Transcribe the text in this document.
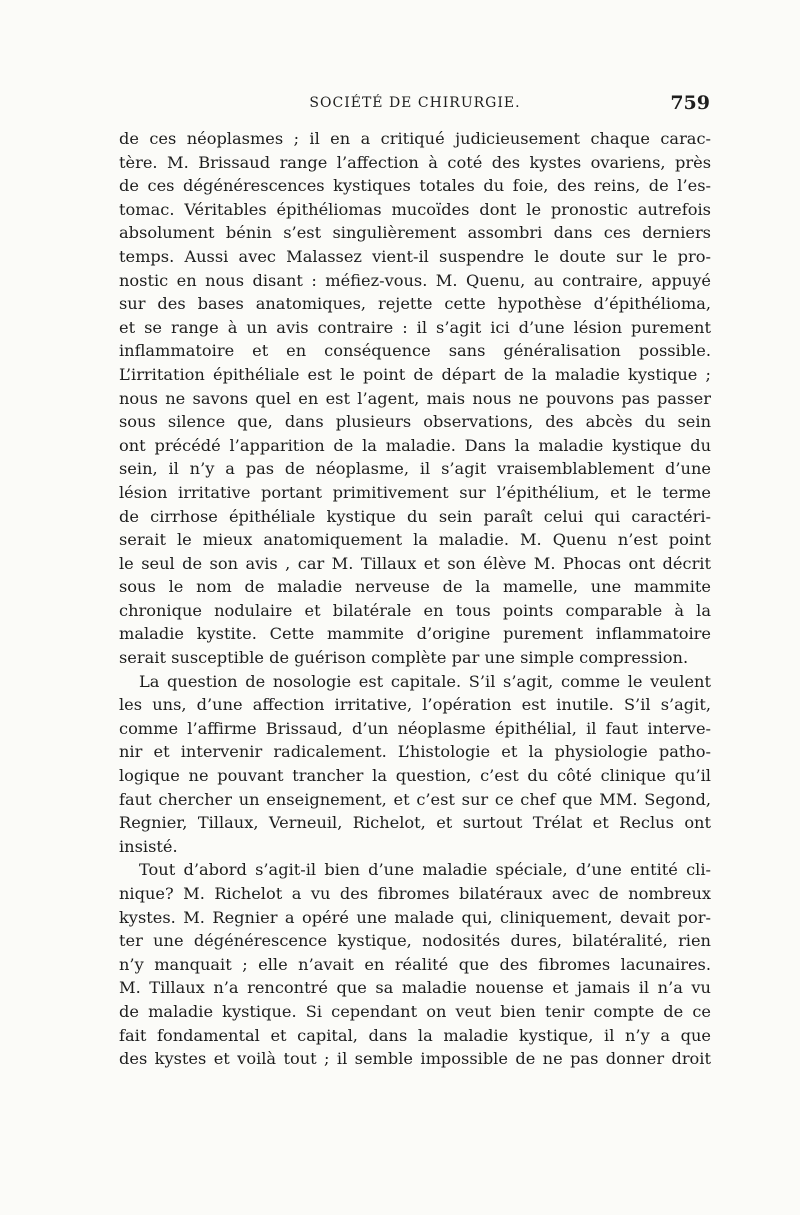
SOCIÉTÉ DE CHIRURGIE.	759
de ces néoplasmes ; il en a critiqué judicieusement chaque carac-
tère. M. Brissaud range l’affection à coté des kystes ovariens, près
de ces dégénérescences kystiques totales du foie, des reins, de l’es-
tomac. Véritables épithéliomas mucoïdes dont le pronostic autrefois
absolument bénin s’est singulièrement assombri dans ces derniers
temps. Aussi avec Malassez vient-il suspendre le doute sur le pro-
nostic en nous disant : méfiez-vous. M. Quenu, au contraire, appuyé
sur des bases anatomiques, rejette cette hypothèse d’épithélioma,
et se range à un avis contraire : il s’agit ici d’une lésion purement
inflammatoire et en conséquence sans généralisation possible.
L’irritation épithéliale est le point de départ de la maladie kystique ;
nous ne savons quel en est l’agent, mais nous ne pouvons pas passer
sous silence que, dans plusieurs observations, des abcès du sein
ont précédé l’apparition de la maladie. Dans la maladie kystique du
sein, il n’y a pas de néoplasme, il s’agit vraisemblablement d’une
lésion irritative portant primitivement sur l’épithélium, et le terme
de cirrhose épithéliale kystique du sein paraît celui qui caractéri-
serait le mieux anatomiquement la maladie. M. Quenu n’est point
le seul de son avis , car M. Tillaux et son élève M. Phocas ont décrit
sous le nom de maladie nerveuse de la mamelle, une mammite
chronique nodulaire et bilatérale en tous points comparable à la
maladie kystite. Cette mammite d’origine purement inflammatoire
serait susceptible de guérison complète par une simple compression.
La question de nosologie est capitale. S’il s’agit, comme le veulent
les uns, d’une affection irritative, l’opération est inutile. S’il s’agit,
comme l’affirme Brissaud, d’un néoplasme épithélial, il faut interve-
nir et intervenir radicalement. L’histologie et la physiologie patho-
logique ne pouvant trancher la question, c’est du côté clinique qu’il
faut chercher un enseignement, et c’est sur ce chef que MM. Segond,
Regnier, Tillaux, Verneuil, Richelot, et surtout Trélat et Reclus ont
insisté.
Tout d’abord s’agit-il bien d’une maladie spéciale, d’une entité cli-
nique? M. Richelot a vu des fibromes bilatéraux avec de nombreux
kystes. M. Regnier a opéré une malade qui, cliniquement, devait por-
ter une dégénérescence kystique, nodosités dures, bilatéralité, rien
n’y manquait ; elle n’avait en réalité que des fibromes lacunaires.
M. Tillaux n’a rencontré que sa maladie nouense et jamais il n’a vu
de maladie kystique. Si cependant on veut bien tenir compte de ce
fait fondamental et capital, dans la maladie kystique, il n’y a que
des kystes et voilà tout ; il semble impossible de ne pas donner droit
